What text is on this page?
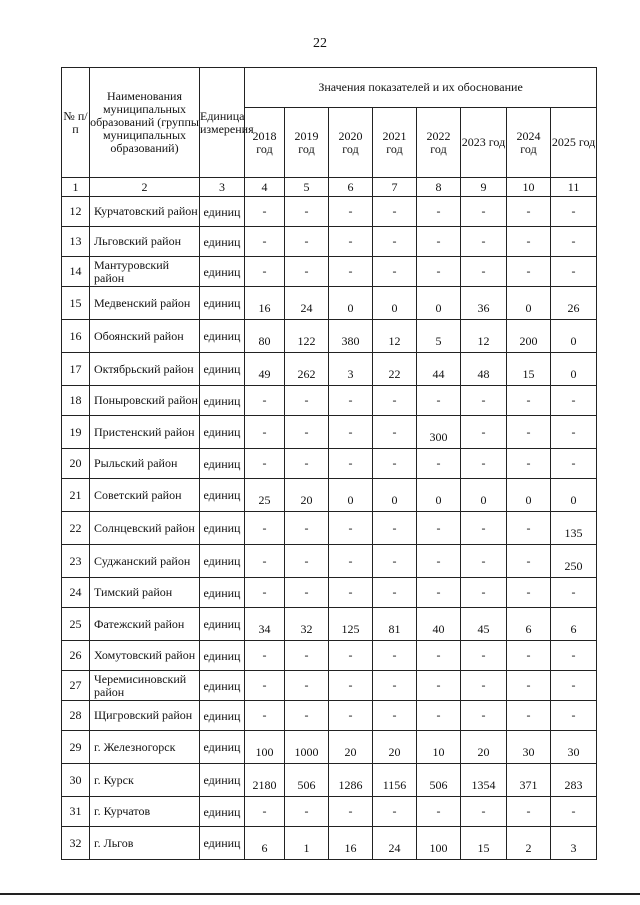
22
№ п/п	Наименования муниципальных образований (группы муниципальных образований)	Единица измерения	Значения показателей и их обоснование							
			2018 год	2019 год	2020 год	2021 год	2022 год	2023 год	2024 год	2025 год
1	2	3	4	5	6	7	8	9	10	11
12	Курчатовский район	единиц	-	-	-	-	-	-	-	-
13	Льговский район	единиц	-	-	-	-	-	-	-	-
14	Мантуровский район	единиц	-	-	-	-	-	-	-	-
15	Медвенский район	единиц	16	24	0	0	0	36	0	26
16	Обоянский район	единиц	80	122	380	12	5	12	200	0
17	Октябрьский район	единиц	49	262	3	22	44	48	15	0
18	Поныровский район	единиц	-	-	-	-	-	-	-	-
19	Пристенский район	единиц	-	-	-	-	300	-	-	-
20	Рыльский район	единиц	-	-	-	-	-	-	-	-
21	Советский район	единиц	25	20	0	0	0	0	0	0
22	Солнцевский район	единиц	-	-	-	-	-	-	-	135
23	Суджанский район	единиц	-	-	-	-	-	-	-	250
24	Тимский район	единиц	-	-	-	-	-	-	-	-
25	Фатежский район	единиц	34	32	125	81	40	45	6	6
26	Хомутовский район	единиц	-	-	-	-	-	-	-	-
27	Черемисиновский район	единиц	-	-	-	-	-	-	-	-
28	Щигровский район	единиц	-	-	-	-	-	-	-	-
29	г. Железногорск	единиц	100	1000	20	20	10	20	30	30
30	г. Курск	единиц	2180	506	1286	1156	506	1354	371	283
31	г. Курчатов	единиц	-	-	-	-	-	-	-	-
32	г. Льгов	единиц	6	1	16	24	100	15	2	3
